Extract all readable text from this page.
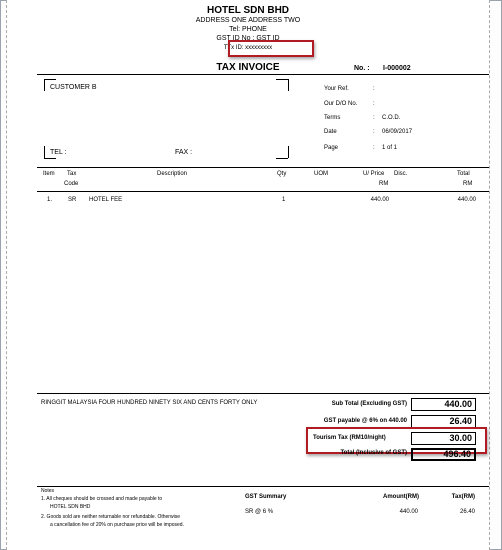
HOTEL SDN BHD
ADDRESS ONE ADDRESS TWO
Tel: PHONE
GST ID No : GST ID
TTx ID: xxxxxxxxx
TAX INVOICE	No. : I-000002
CUSTOMER B
TEL :	FAX :
Your Ref.	:
Our D/O No.	:
Terms	: C.O.D.
Date	: 06/09/2017
Page	: 1 of 1
Item Tax
Code
Description	Qty	UOM	U/ Price
RM
Disc.	Total
RM
1.	SR HOTEL FEE	1	440.00	440.00
RINGGIT MALAYSIA FOUR HUNDRED NINETY SIX AND CENTS FORTY ONLY	Sub Total (Excluding GST)	440.00
GST payable @ 6% on 440.00	26.40
Tourism Tax (RM10/night)	30.00
Total (Inclusive of GST)	496.40
Notes
1. All cheques should be crossed and made payable to
HOTEL SDN BHD
2. Goods sold are neither returnable nor refundable. Otherwise
a cancellation fee of 20% on purchase price will be imposed.
GST Summary	Amount(RM)	Tax(RM)
SR @ 6 %	440.00	26.40
